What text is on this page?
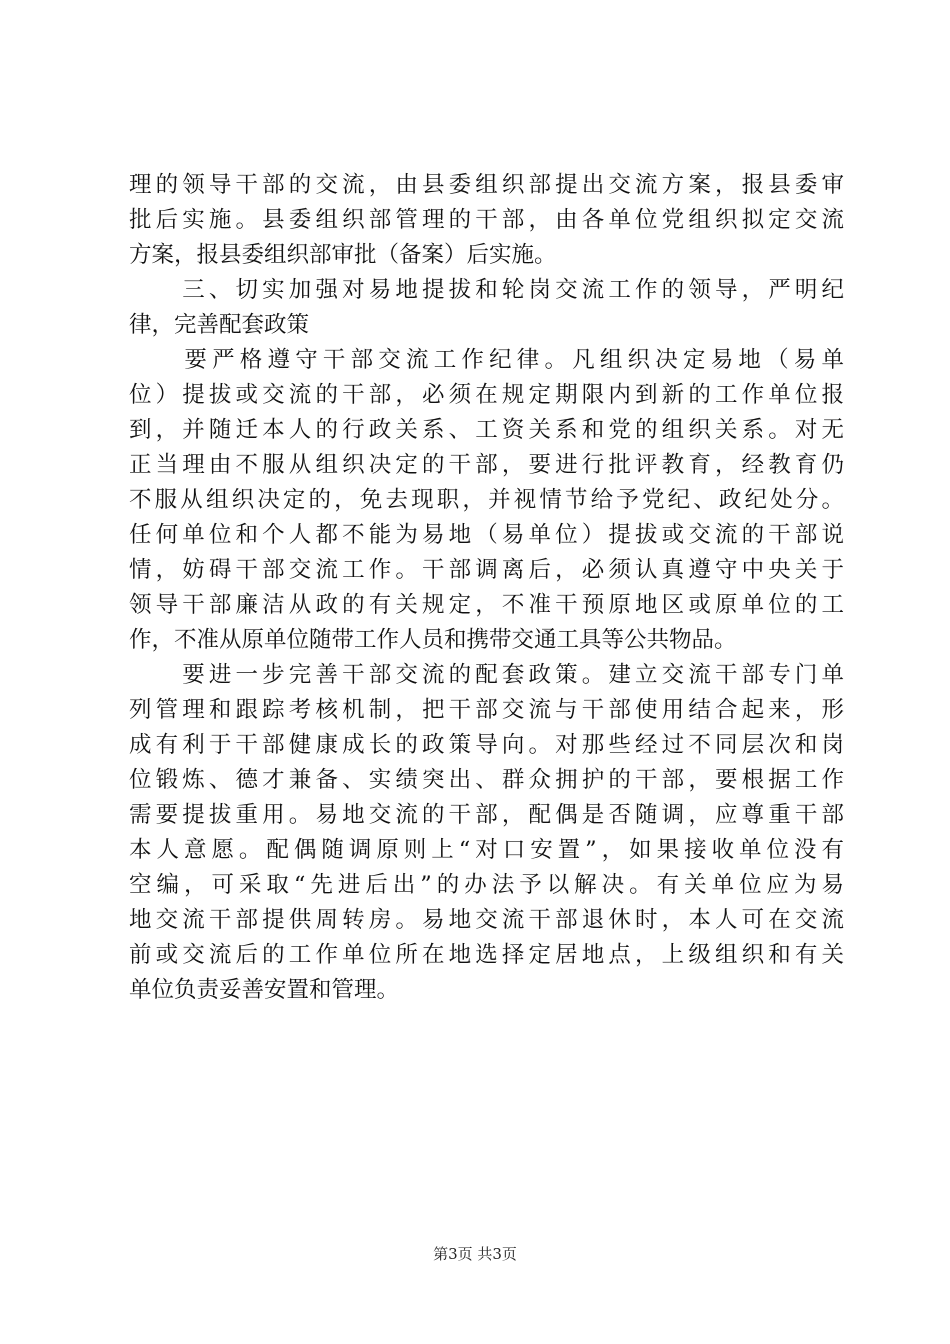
理的领导干部的交流，由县委组织部提出交流方案，报县委审
批后实施。县委组织部管理的干部，由各单位党组织拟定交流
方案，报县委组织部审批（备案）后实施。
　　三、切实加强对易地提拔和轮岗交流工作的领导，严明纪
律，完善配套政策
　　要严格遵守干部交流工作纪律。凡组织决定易地（易单
位）提拔或交流的干部，必须在规定期限内到新的工作单位报
到，并随迁本人的行政关系、工资关系和党的组织关系。对无
正当理由不服从组织决定的干部，要进行批评教育，经教育仍
不服从组织决定的，免去现职，并视情节给予党纪、政纪处分。
任何单位和个人都不能为易地（易单位）提拔或交流的干部说
情，妨碍干部交流工作。干部调离后，必须认真遵守中央关于
领导干部廉洁从政的有关规定，不准干预原地区或原单位的工
作，不准从原单位随带工作人员和携带交通工具等公共物品。
　　要进一步完善干部交流的配套政策。建立交流干部专门单
列管理和跟踪考核机制，把干部交流与干部使用结合起来，形
成有利于干部健康成长的政策导向。对那些经过不同层次和岗
位锻炼、德才兼备、实绩突出、群众拥护的干部，要根据工作
需要提拔重用。易地交流的干部，配偶是否随调，应尊重干部
本人意愿。配偶随调原则上“对口安置”，如果接收单位没有
空编，可采取“先进后出”的办法予以解决。有关单位应为易
地交流干部提供周转房。易地交流干部退休时，本人可在交流
前或交流后的工作单位所在地选择定居地点，上级组织和有关
单位负责妥善安置和管理。
第3页 共3页
